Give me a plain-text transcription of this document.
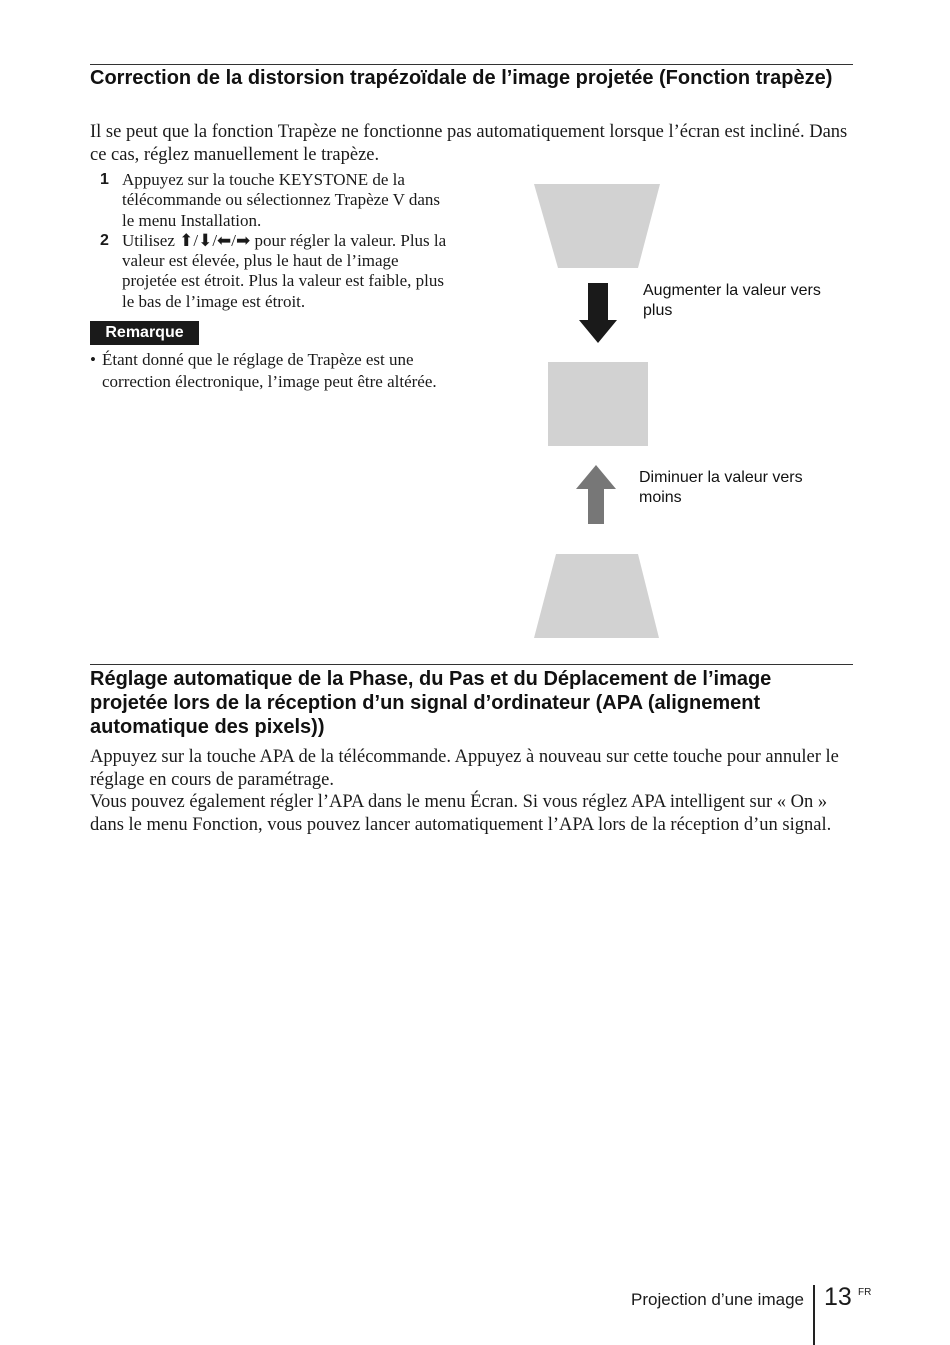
Correction de la distorsion trapézoïdale de l’image projetée (Fonction trapèze)

Il se peut que la fonction Trapèze ne fonctionne pas automatiquement lorsque l’écran est incliné. Dans ce cas, réglez manuellement le trapèze.

1 Appuyez sur la touche KEYSTONE de la télécommande ou sélectionnez Trapèze V dans le menu Installation.
2 Utilisez ⬆/⬇/⬅/➡ pour régler la valeur. Plus la valeur est élevée, plus le haut de l’image projetée est étroit. Plus la valeur est faible, plus le bas de l’image est étroit.
Remarque
• Étant donné que le réglage de Trapèze est une correction électronique, l’image peut être altérée.
Augmenter la valeur vers plus
Diminuer la valeur vers moins
Réglage automatique de la Phase, du Pas et du Déplacement de l’image projetée lors de la réception d’un signal d’ordinateur (APA (alignement automatique des pixels))

Appuyez sur la touche APA de la télécommande. Appuyez à nouveau sur cette touche pour annuler le réglage en cours de paramétrage.

Vous pouvez également régler l’APA dans le menu Écran. Si vous réglez APA intelligent sur « On » dans le menu Fonction, vous pouvez lancer automatiquement l’APA lors de la réception d’un signal.

Projection d’une image 13 FR
